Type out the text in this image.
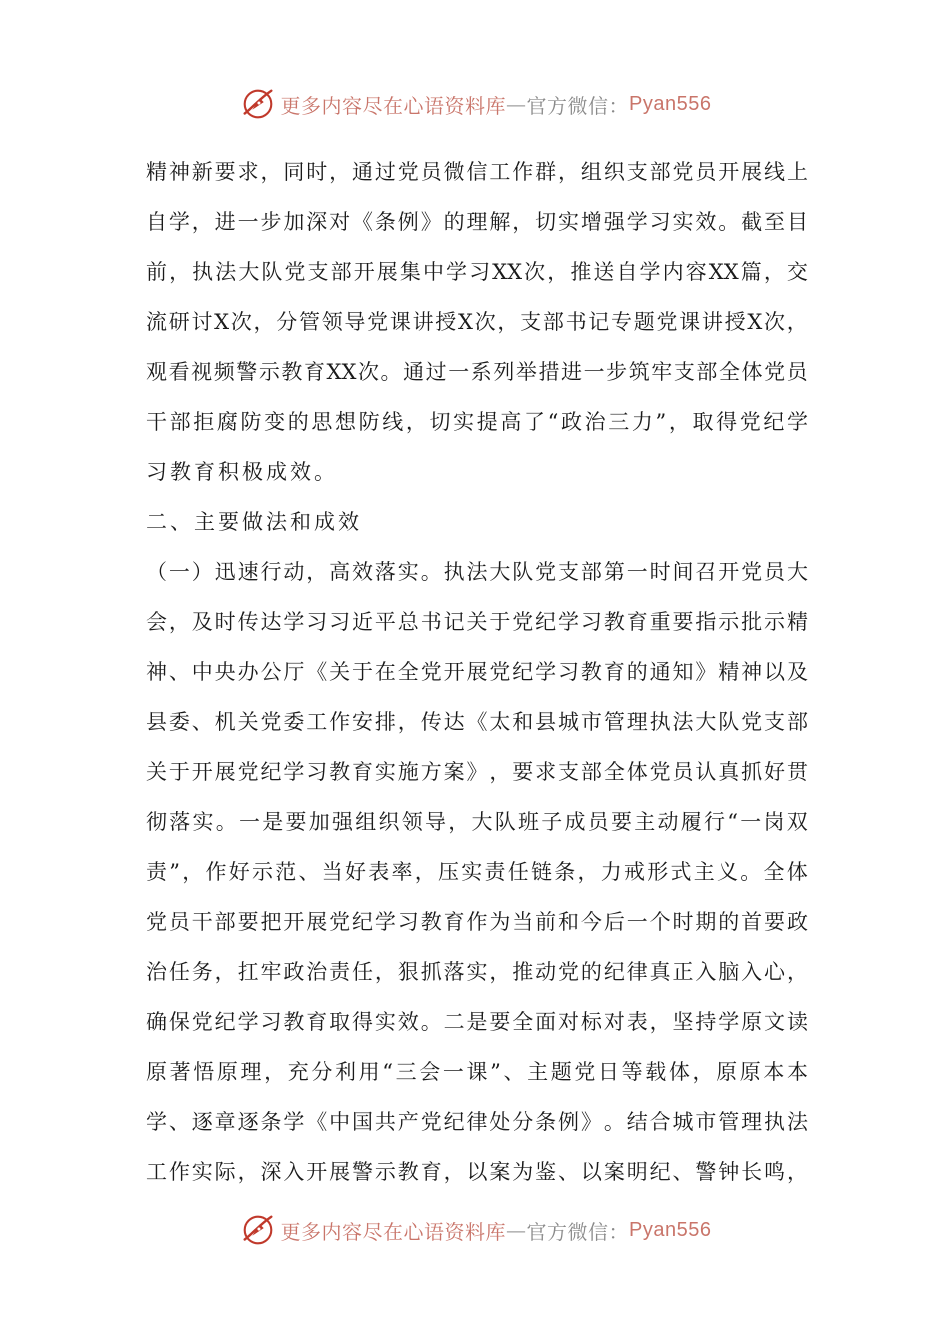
更多内容尽在心语资料库 — 官方微信： Pyan556
精 神 新 要 求 ， 同 时 ， 通 过 党 员 微 信 工 作 群 ， 组 织 支 部 党 员 开 展 线 上
自 学 ， 进 一 步 加 深 对 《 条 例 》 的 理 解 ， 切 实 增 强 学 习 实 效 。 截 至 目
前 ， 执 法 大 队 党 支 部 开 展 集 中 学 习 XX 次 ， 推 送 自 学 内 容 XX 篇 ， 交
流 研 讨 X 次 ， 分 管 领 导 党 课 讲 授 X 次 ， 支 部 书 记 专 题 党 课 讲 授 X 次 ，
观 看 视 频 警 示 教 育 XX 次 。 通 过 一 系 列 举 措 进 一 步 筑 牢 支 部 全 体 党 员
干 部 拒 腐 防 变 的 思 想 防 线 ， 切 实 提 高 了 “ 政 治 三 力 ” ， 取 得 党 纪 学
习 教 育 积 极 成 效 。
二 、 主 要 做 法 和 成 效
（ 一 ） 迅 速 行 动 ， 高 效 落 实 。 执 法 大 队 党 支 部 第 一 时 间 召 开 党 员 大
会 ， 及 时 传 达 学 习 习 近 平 总 书 记 关 于 党 纪 学 习 教 育 重 要 指 示 批 示 精
神 、 中 央 办 公 厅 《 关 于 在 全 党 开 展 党 纪 学 习 教 育 的 通 知 》 精 神 以 及
县 委 、 机 关 党 委 工 作 安 排 ， 传 达 《 太 和 县 城 市 管 理 执 法 大 队 党 支 部
关 于 开 展 党 纪 学 习 教 育 实 施 方 案 》 ， 要 求 支 部 全 体 党 员 认 真 抓 好 贯
彻 落 实 。 一 是 要 加 强 组 织 领 导 ， 大 队 班 子 成 员 要 主 动 履 行 “ 一 岗 双
责 ” ， 作 好 示 范 、 当 好 表 率 ， 压 实 责 任 链 条 ， 力 戒 形 式 主 义 。 全 体
党 员 干 部 要 把 开 展 党 纪 学 习 教 育 作 为 当 前 和 今 后 一 个 时 期 的 首 要 政
治 任 务 ， 扛 牢 政 治 责 任 ， 狠 抓 落 实 ， 推 动 党 的 纪 律 真 正 入 脑 入 心 ，
确 保 党 纪 学 习 教 育 取 得 实 效 。 二 是 要 全 面 对 标 对 表 ， 坚 持 学 原 文 读
原 著 悟 原 理 ， 充 分 利 用 “ 三 会 一 课 ” 、 主 题 党 日 等 载 体 ， 原 原 本 本
学 、 逐 章 逐 条 学 《 中 国 共 产 党 纪 律 处 分 条 例 》 。 结 合 城 市 管 理 执 法
工 作 实 际 ， 深 入 开 展 警 示 教 育 ， 以 案 为 鉴 、 以 案 明 纪 、 警 钟 长 鸣 ，
更多内容尽在心语资料库 — 官方微信： Pyan556
